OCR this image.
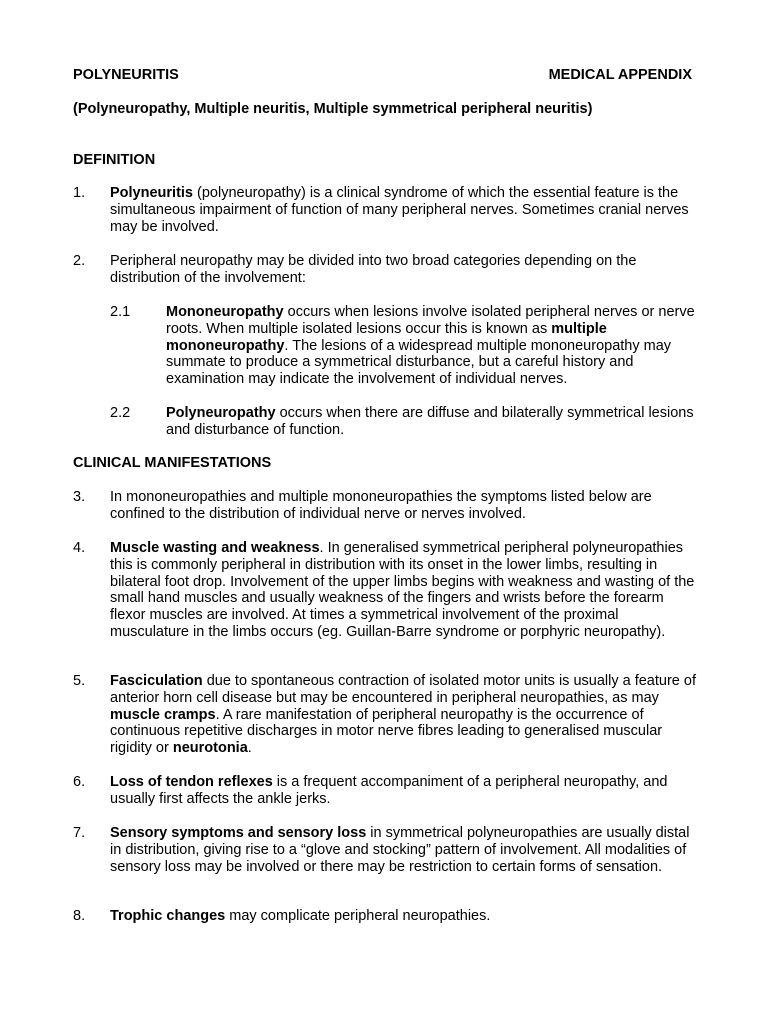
POLYNEURITIS	MEDICAL APPENDIX
(Polyneuropathy, Multiple neuritis, Multiple symmetrical peripheral neuritis)
DEFINITION
1. Polyneuritis (polyneuropathy) is a clinical syndrome of which the essential feature is the simultaneous impairment of function of many peripheral nerves. Sometimes cranial nerves may be involved.

2. Peripheral neuropathy may be divided into two broad categories depending on the distribution of the involvement:

2.1 Mononeuropathy occurs when lesions involve isolated peripheral nerves or nerve roots. When multiple isolated lesions occur this is known as multiple mononeuropathy. The lesions of a widespread multiple mononeuropathy may summate to produce a symmetrical disturbance, but a careful history and examination may indicate the involvement of individual nerves.

2.2 Polyneuropathy occurs when there are diffuse and bilaterally symmetrical lesions and disturbance of function.

CLINICAL MANIFESTATIONS
3. In mononeuropathies and multiple mononeuropathies the symptoms listed below are confined to the distribution of individual nerve or nerves involved.

4. Muscle wasting and weakness. In generalised symmetrical peripheral polyneuropathies this is commonly peripheral in distribution with its onset in the lower limbs, resulting in bilateral foot drop. Involvement of the upper limbs begins with weakness and wasting of the small hand muscles and usually weakness of the fingers and wrists before the forearm flexor muscles are involved. At times a symmetrical involvement of the proximal musculature in the limbs occurs (eg. Guillan-Barre syndrome or porphyric neuropathy).

5. Fasciculation due to spontaneous contraction of isolated motor units is usually a feature of anterior horn cell disease but may be encountered in peripheral neuropathies, as may muscle cramps. A rare manifestation of peripheral neuropathy is the occurrence of continuous repetitive discharges in motor nerve fibres leading to generalised muscular rigidity or neurotonia.

6. Loss of tendon reflexes is a frequent accompaniment of a peripheral neuropathy, and usually first affects the ankle jerks.

7. Sensory symptoms and sensory loss in symmetrical polyneuropathies are usually distal in distribution, giving rise to a “glove and stocking” pattern of involvement. All modalities of sensory loss may be involved or there may be restriction to certain forms of sensation.

8. Trophic changes may complicate peripheral neuropathies.
